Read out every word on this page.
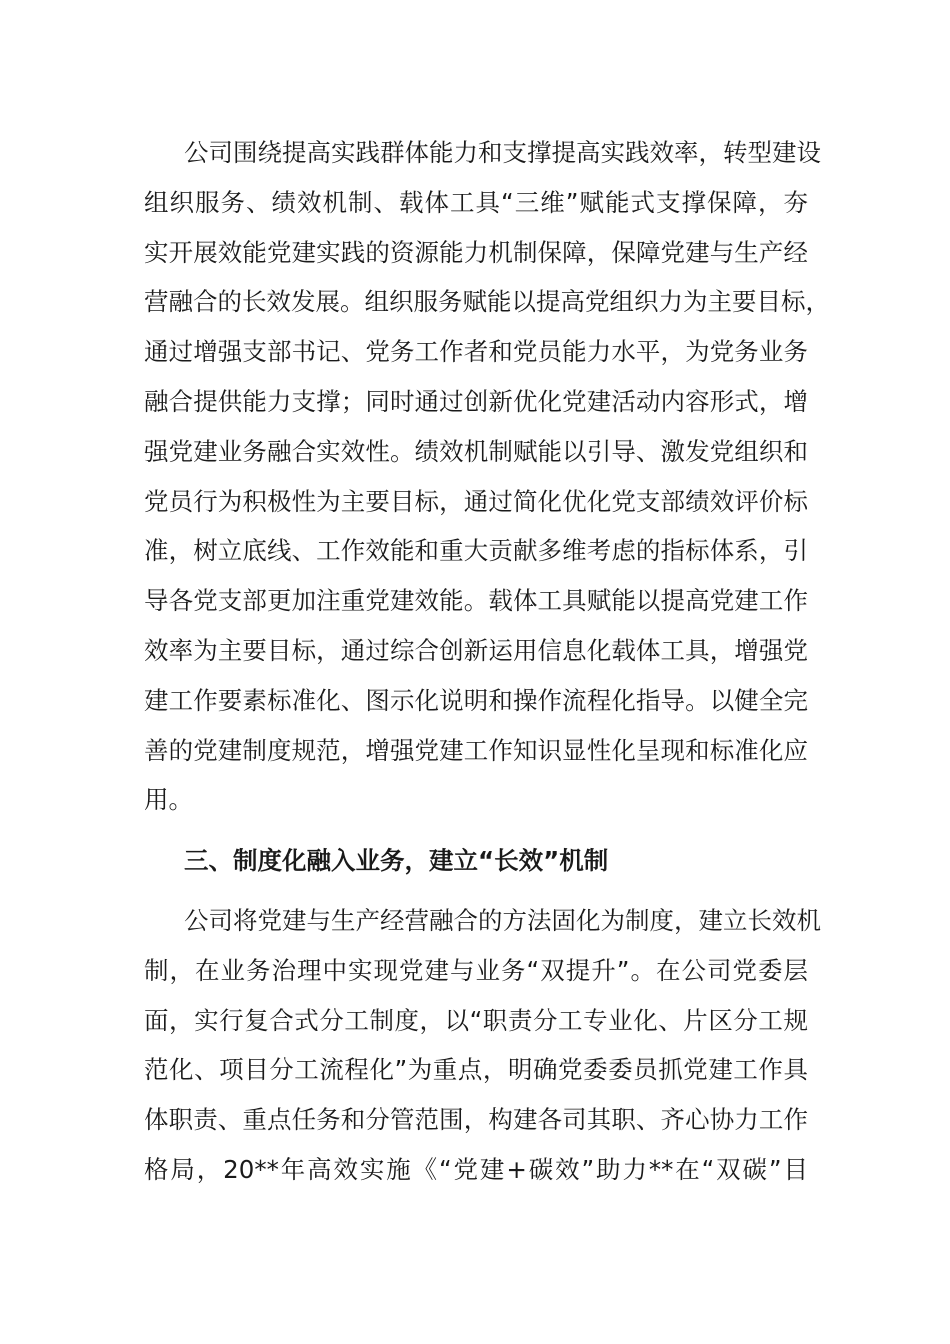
公司围绕提高实践群体能力和支撑提高实践效率，转型建设
组织服务、绩效机制、载体工具“三维”赋能式支撑保障，夯
实开展效能党建实践的资源能力机制保障，保障党建与生产经
营融合的长效发展。组织服务赋能以提高党组织力为主要目标，
通过增强支部书记、党务工作者和党员能力水平，为党务业务
融合提供能力支撑；同时通过创新优化党建活动内容形式，增
强党建业务融合实效性。绩效机制赋能以引导、激发党组织和
党员行为积极性为主要目标，通过简化优化党支部绩效评价标
准，树立底线、工作效能和重大贡献多维考虑的指标体系，引
导各党支部更加注重党建效能。载体工具赋能以提高党建工作
效率为主要目标，通过综合创新运用信息化载体工具，增强党
建工作要素标准化、图示化说明和操作流程化指导。以健全完
善的党建制度规范，增强党建工作知识显性化呈现和标准化应
用。
三、制度化融入业务，建立“长效”机制
公司将党建与生产经营融合的方法固化为制度，建立长效机
制，在业务治理中实现党建与业务“双提升”。在公司党委层
面，实行复合式分工制度，以“职责分工专业化、片区分工规
范化、项目分工流程化”为重点，明确党委委员抓党建工作具
体职责、重点任务和分管范围，构建各司其职、齐心协力工作
格局，20**年高效实施《“党建+碳效”助力**在“双碳”目
